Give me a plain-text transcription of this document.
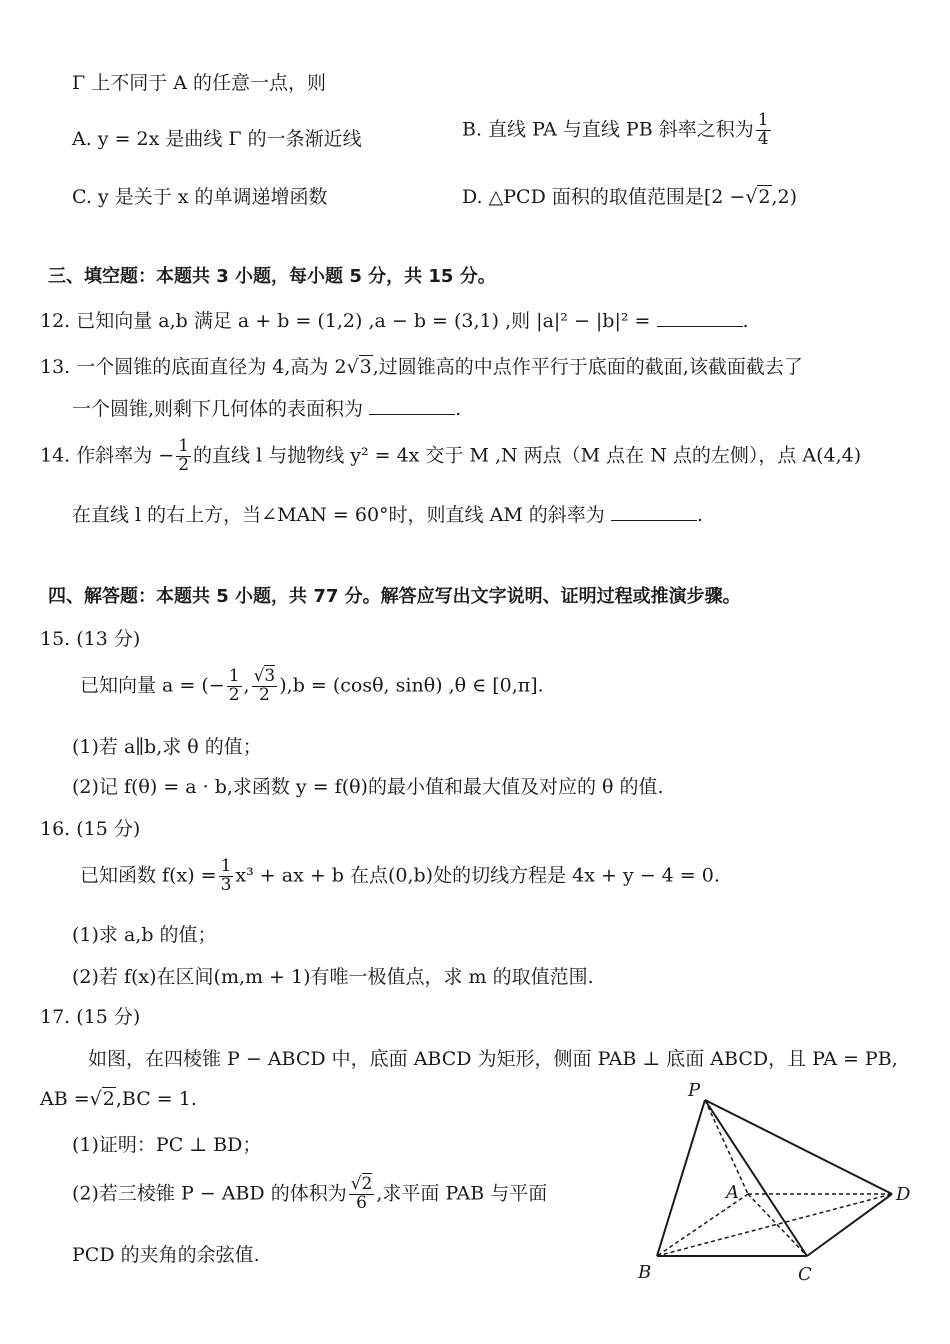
Γ 上不同于 A 的任意一点，则
A. y = 2x 是曲线 Γ 的一条渐近线	B. 直线 PA 与直线 PB 斜率之积为 $\frac{1}{4}$
C. y 是关于 x 的单调递增函数	D. △PCD 面积的取值范围是[2 −√2,2)
三、填空题：本题共 3 小题，每小题 5 分，共 15 分。
12. 已知向量 a,b 满足 a + b = (1,2) ,a − b = (3,1) ,则 |a|² − |b|² =	.
13. 一个圆锥的底面直径为 4,高为 2√3,过圆锥高的中点作平行于底面的截面,该截面截去了
一个圆锥,则剩下几何体的表面积为	.
14. 作斜率为 − $\frac{1}{2}$ 的直线 l 与抛物线 y² = 4x 交于 M ,N 两点（M 点在 N 点的左侧），点 A(4,4)
在直线 l 的右上方，当∠MAN = 60°时，则直线 AM 的斜率为	.
四、解答题：本题共 5 小题，共 77 分。解答应写出文字说明、证明过程或推演步骤。
15. (13 分)
已知向量 a = (− $\frac{1}{2}$ , $\frac{√3}{2} ),b = (\cos\theta$, sinθ) ,θ ∈ [0,π].
(1)若 a∥b,求 θ 的值；
(2)记 f(θ) = a · b,求函数 y = f(θ)的最小值和最大值及对应的 θ 的值.
16. (15 分)
已知函数 $f(x) = \frac{1}{3} x^3$ + ax + b 在点(0,b)处的切线方程是 4x + y − 4 = 0.
(1)求 a,b 的值；
(2)若 f(x)在区间(m,m + 1)有唯一极值点，求 m 的取值范围.
17. (15 分)
如图，在四棱锥 P − ABCD 中，底面 ABCD 为矩形，侧面 PAB ⊥ 底面 ABCD，且 PA = PB,
AB =√2,BC = 1.
(1)证明：PC ⊥ BD；
(2)若三棱锥 P − ABD 的体积为 $\frac{√2}{6}$ ,求平面 PAB 与平面
PCD 的夹角的余弦值.
P
A	D
B	C
